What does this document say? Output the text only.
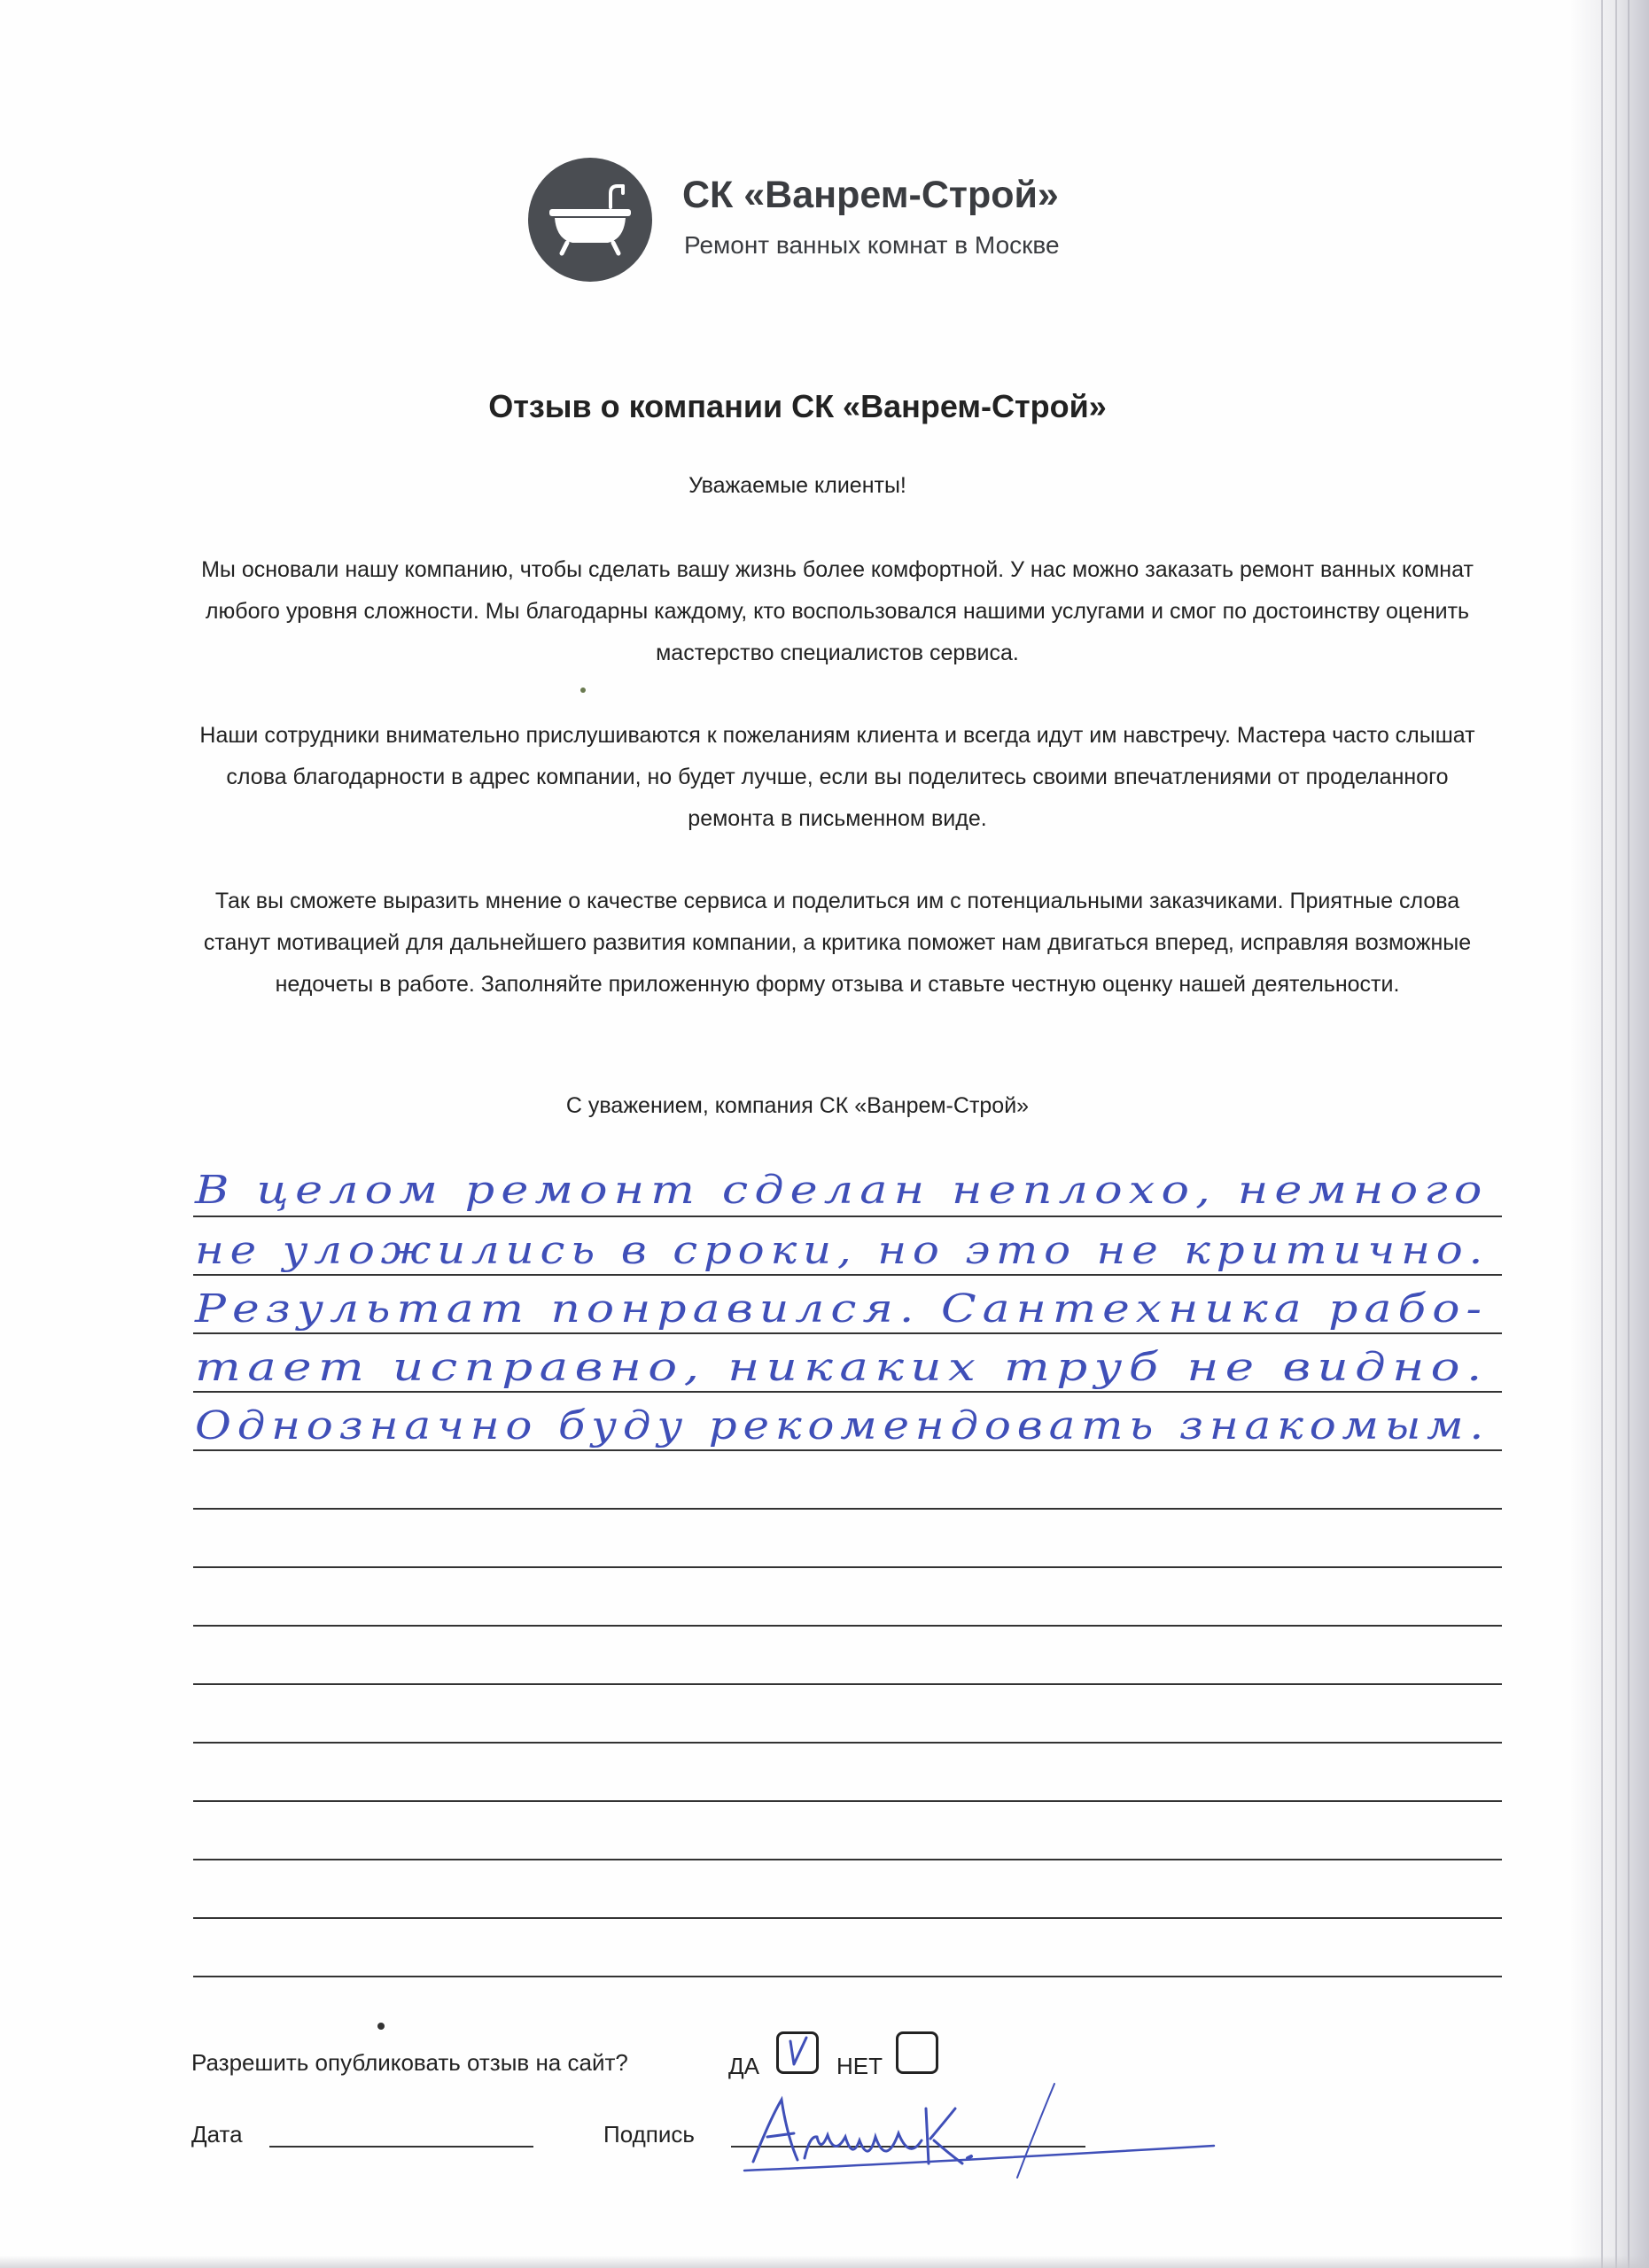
СК «Ванрем-Строй»
Ремонт ванных комнат в Москве
Отзыв о компании СК «Ванрем-Строй»
Уважаемые клиенты!

Мы основали нашу компанию, чтобы сделать вашу жизнь более комфортной. У нас можно заказать ремонт ванных комнат любого уровня сложности. Мы благодарны каждому, кто воспользовался нашими услугами и смог по достоинству оценить мастерство специалистов сервиса.

Наши сотрудники внимательно прислушиваются к пожеланиям клиента и всегда идут им навстречу. Мастера часто слышат слова благодарности в адрес компании, но будет лучше, если вы поделитесь своими впечатлениями от проделанного ремонта в письменном виде.

Так вы сможете выразить мнение о качестве сервиса и поделиться им с потенциальными заказчиками. Приятные слова станут мотивацией для дальнейшего развития компании, а критика поможет нам двигаться вперед, исправляя возможные недочеты в работе. Заполняйте приложенную форму отзыва и ставьте честную оценку нашей деятельности.

С уважением, компания СК «Ванрем-Строй»
В целом ремонт сделан неплохо, немного
не уложились в сроки, но это не критично.
Результат понравился. Сантехника рабо-
тает исправно, никаких труб не видно.
Однозначно буду рекомендовать знакомым.
Разрешить опубликовать отзыв на сайт?	ДА	НЕТ
Дата	Подпись
